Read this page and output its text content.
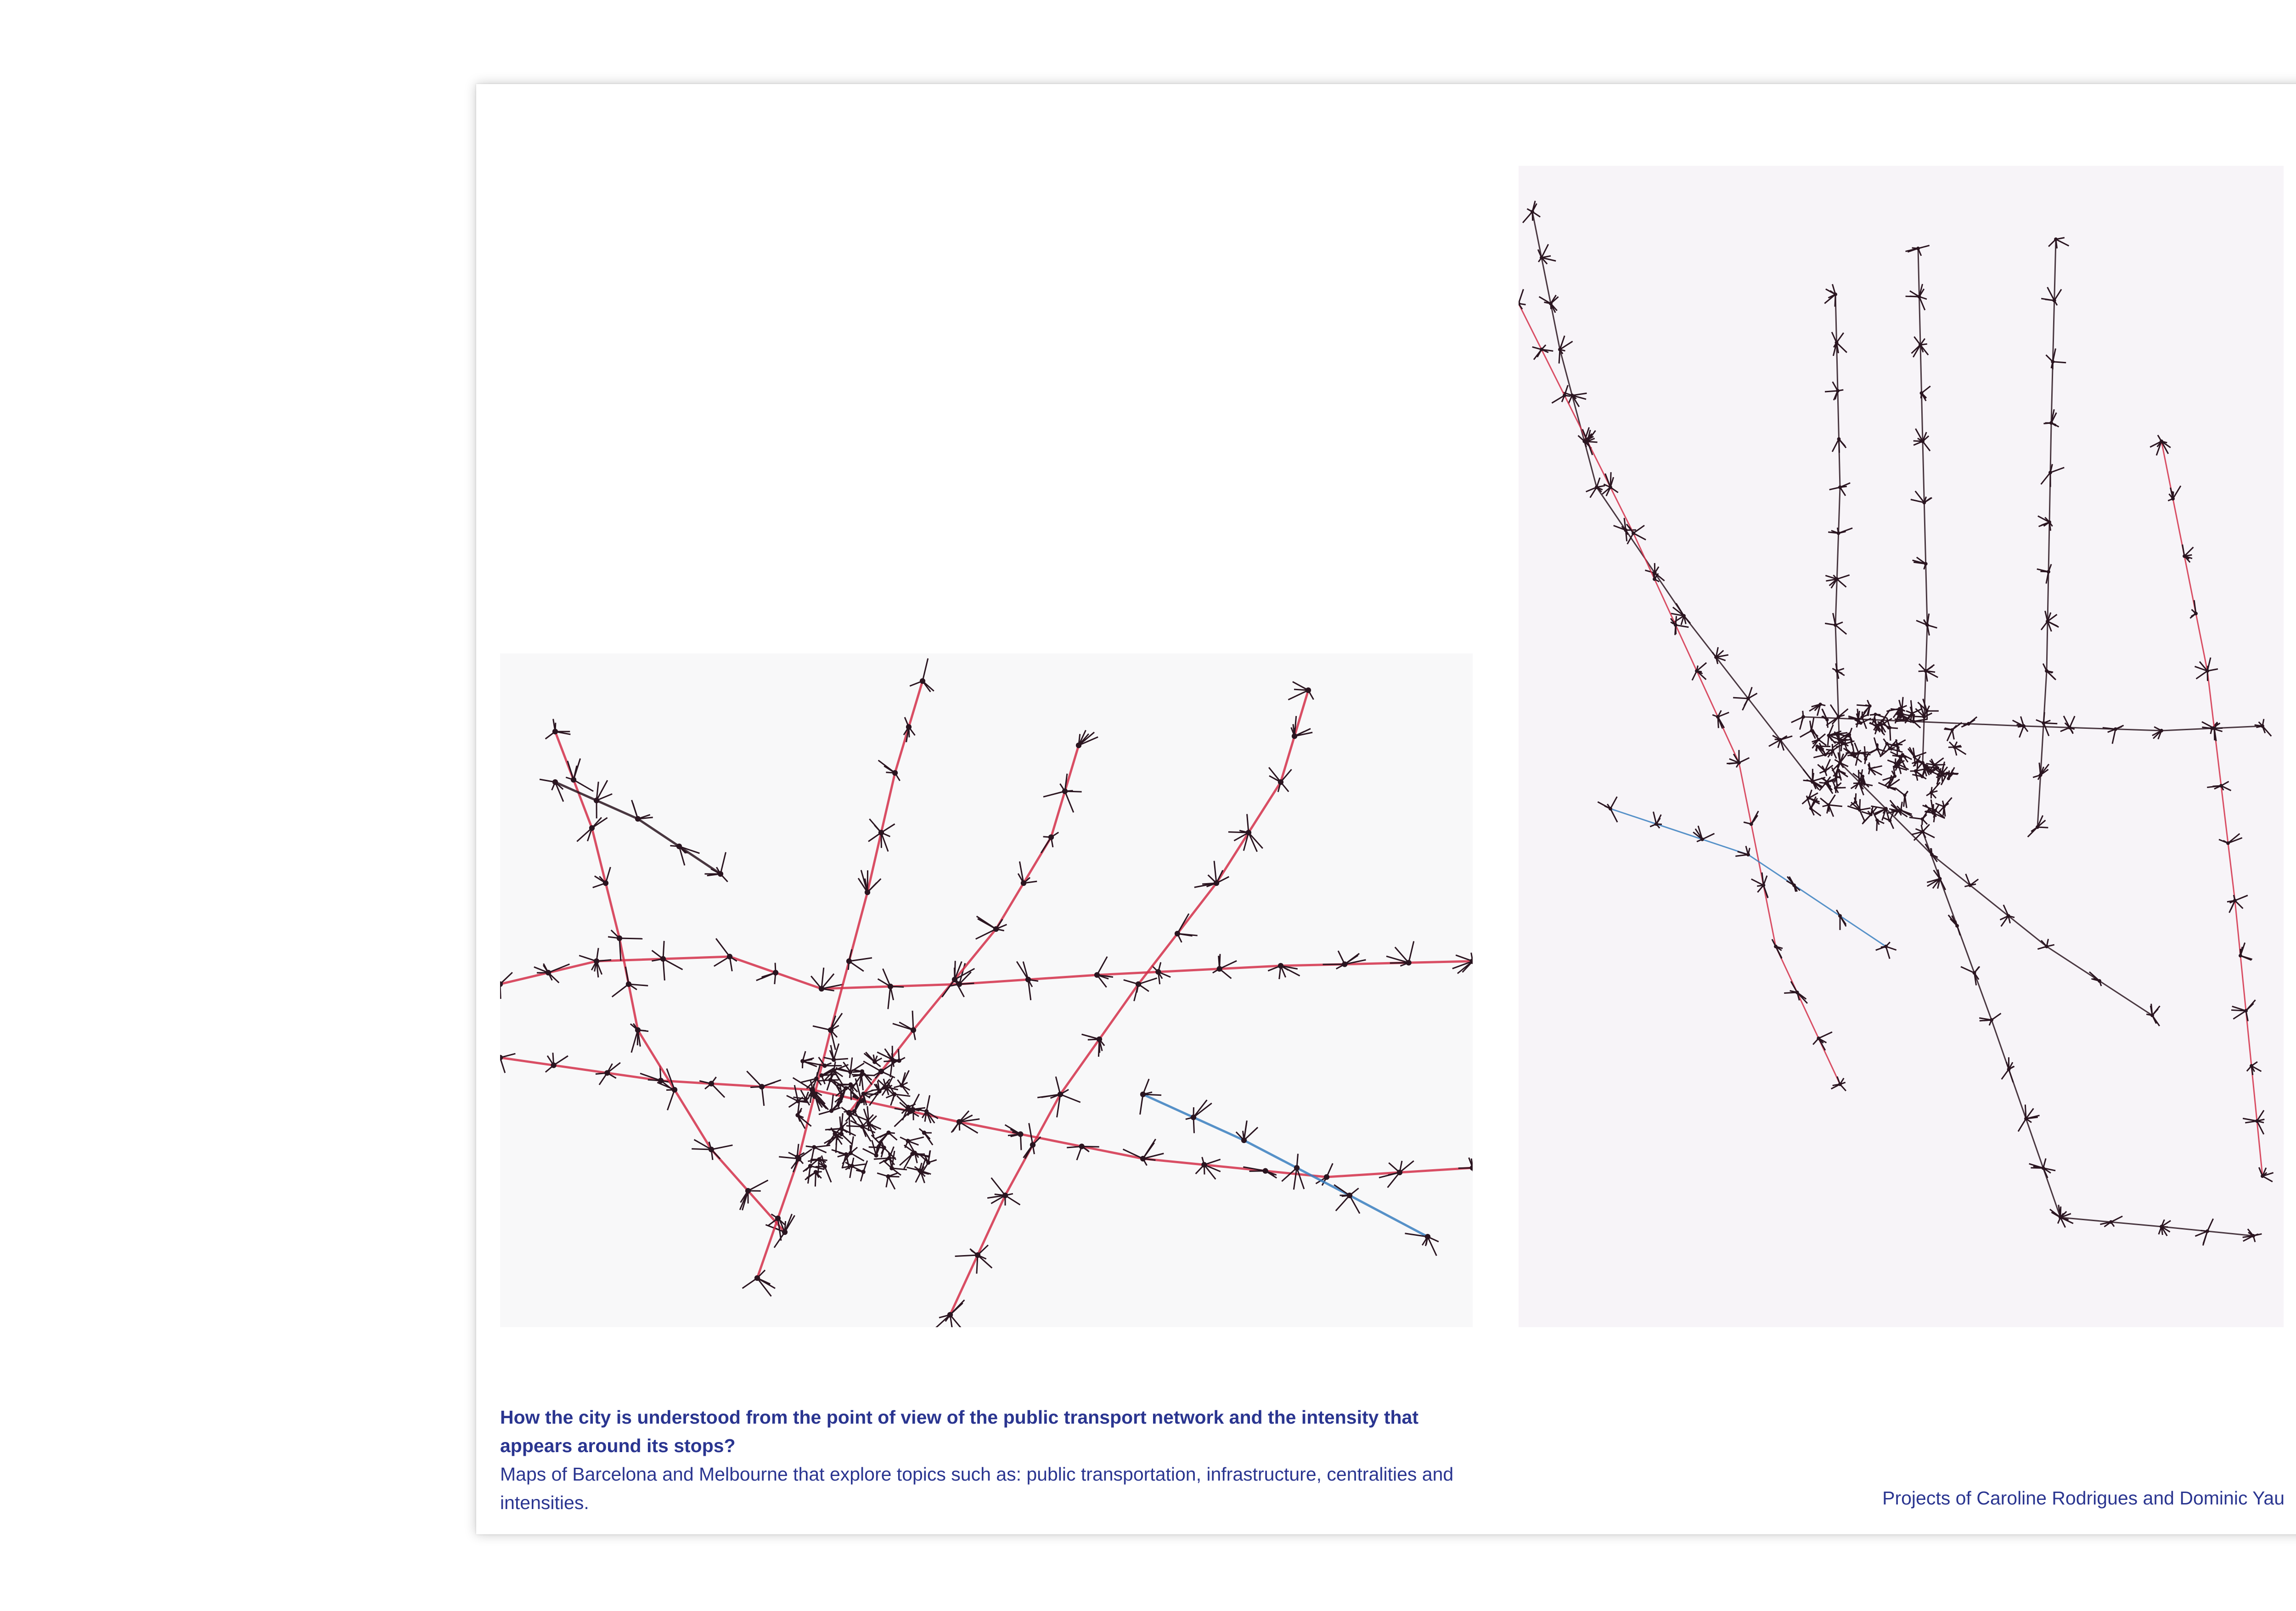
How the city is understood from the point of view of the public transport network and the intensity that appears around its stops?
Maps of Barcelona and Melbourne that explore topics such as: public transportation, infrastructure, centralities and intensities.	Projects of Caroline Rodrigues and Dominic Yau
